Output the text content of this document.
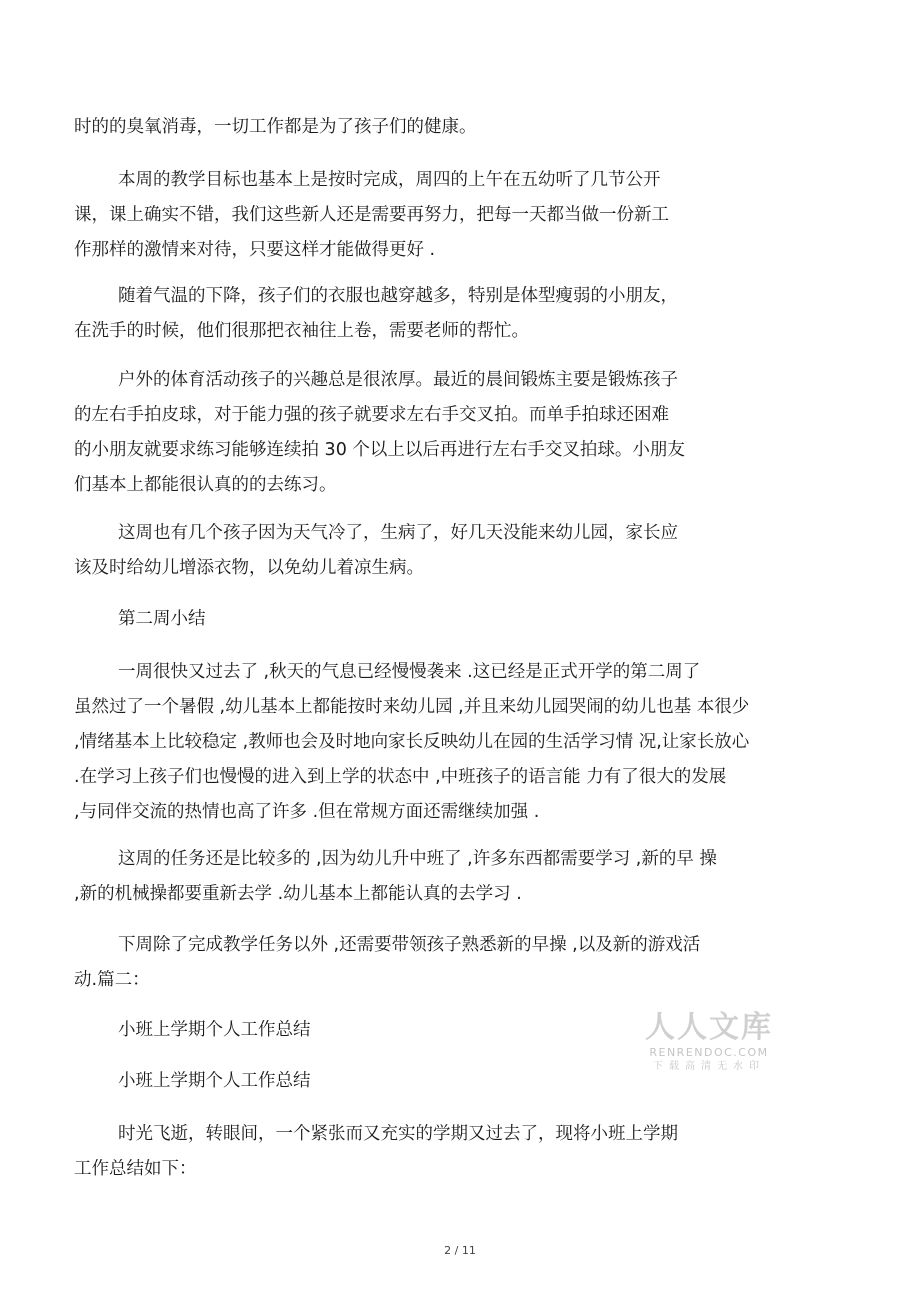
时的的臭氧消毒，一切工作都是为了孩子们的健康。

本周的教学目标也基本上是按时完成，周四的上午在五幼听了几节公开
课，课上确实不错，我们这些新人还是需要再努力，把每一天都当做一份新工
作那样的激情来对待，只要这样才能做得更好 .

随着气温的下降，孩子们的衣服也越穿越多，特别是体型瘦弱的小朋友，
在洗手的时候，他们很那把衣袖往上卷，需要老师的帮忙。

户外的体育活动孩子的兴趣总是很浓厚。最近的晨间锻炼主要是锻炼孩子
的左右手拍皮球，对于能力强的孩子就要求左右手交叉拍。而单手拍球还困难
的小朋友就要求练习能够连续拍 30 个以上以后再进行左右手交叉拍球。小朋友
们基本上都能很认真的的去练习。

这周也有几个孩子因为天气冷了，生病了，好几天没能来幼儿园，家长应
该及时给幼儿增添衣物，以免幼儿着凉生病。

第二周小结

一周很快又过去了 ,秋天的气息已经慢慢袭来 .这已经是正式开学的第二周了
虽然过了一个暑假 ,幼儿基本上都能按时来幼儿园 ,并且来幼儿园哭闹的幼儿也基 本很少
,情绪基本上比较稳定 ,教师也会及时地向家长反映幼儿在园的生活学习情 况,让家长放心
.在学习上孩子们也慢慢的进入到上学的状态中 ,中班孩子的语言能 力有了很大的发展
,与同伴交流的热情也高了许多 .但在常规方面还需继续加强 .

这周的任务还是比较多的 ,因为幼儿升中班了 ,许多东西都需要学习 ,新的早 操
,新的机械操都要重新去学 .幼儿基本上都能认真的去学习 .

下周除了完成教学任务以外 ,还需要带领孩子熟悉新的早操 ,以及新的游戏活
动.篇二：

小班上学期个人工作总结

小班上学期个人工作总结

时光飞逝，转眼间，一个紧张而又充实的学期又过去了，现将小班上学期
工作总结如下：

人人文库
RENRENDOC.COM
下载高清无水印
2 / 11
